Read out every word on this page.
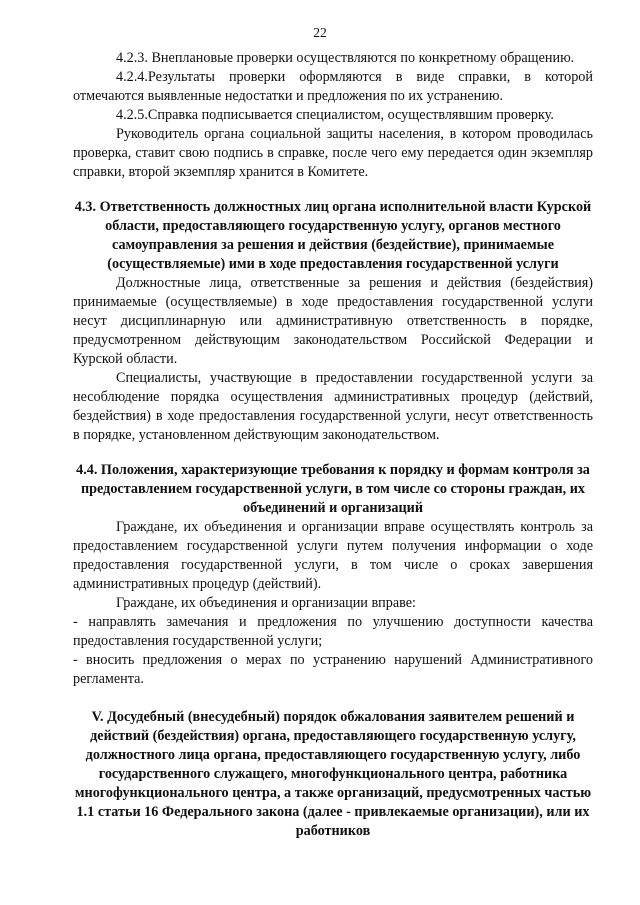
22

4.2.3. Внеплановые проверки осуществляются по конкретному обращению.

4.2.4.Результаты проверки оформляются в виде справки, в которой отмечаются выявленные недостатки и предложения по их устранению.

4.2.5.Справка подписывается специалистом, осуществлявшим проверку.

Руководитель органа социальной защиты населения, в котором проводилась проверка, ставит свою подпись в справке, после чего ему передается один экземпляр справки, второй экземпляр хранится в Комитете.

4.3. Ответственность должностных лиц органа исполнительной власти Курской области, предоставляющего государственную услугу, органов местного самоуправления за решения и действия (бездействие), принимаемые (осуществляемые) ими в ходе предоставления государственной услуги

Должностные лица, ответственные за решения и действия (бездействия) принимаемые (осуществляемые) в ходе предоставления государственной услуги несут дисциплинарную или административную ответственность в порядке, предусмотренном действующим законодательством Российской Федерации и Курской области.

Специалисты, участвующие в предоставлении государственной услуги за несоблюдение порядка осуществления административных процедур (действий, бездействия) в ходе предоставления государственной услуги, несут ответственность в порядке, установленном действующим законодательством.

4.4. Положения, характеризующие требования к порядку и формам контроля за предоставлением государственной услуги, в том числе со стороны граждан, их объединений и организаций

Граждане, их объединения и организации вправе осуществлять контроль за предоставлением государственной услуги путем получения информации о ходе предоставления государственной услуги, в том числе о сроках завершения административных процедур (действий).

Граждане, их объединения и организации вправе:

- направлять замечания и предложения по улучшению доступности качества предоставления государственной услуги;

- вносить предложения о мерах по устранению нарушений Административного регламента.

V. Досудебный (внесудебный) порядок обжалования заявителем решений и действий (бездействия) органа, предоставляющего государственную услугу, должностного лица органа, предоставляющего государственную услугу, либо государственного служащего, многофункционального центра, работника многофункционального центра, а также организаций, предусмотренных частью 1.1 статьи 16 Федерального закона (далее - привлекаемые организации), или их работников
